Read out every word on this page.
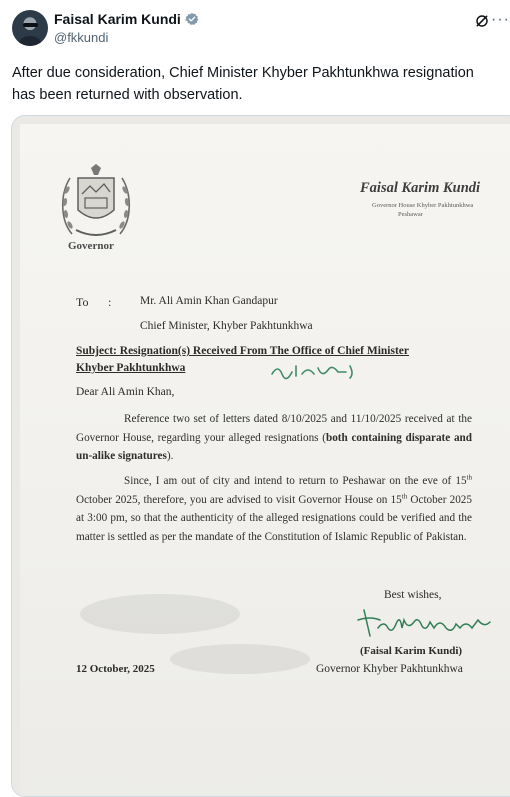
Faisal Karim Kundi
@fkkundi
···
After due consideration, Chief Minister Khyber Pakhtunkhwa resignation
has been returned with observation.
Governor
Faisal Karim Kundi
Governor House Khyber Pakhtunkhwa
Peshawar
To : Mr. Ali Amin Khan Gandapur
Chief Minister, Khyber Pakhtunkhwa
Subject: Resignation(s) Received From The Office of Chief Minister
Khyber Pakhtunkhwa
Dear Ali Amin Khan,
Reference two set of letters dated 8/10/2025 and 11/10/2025 received at the Governor House, regarding your alleged resignations (both containing disparate and un-alike signatures).
Since, I am out of city and intend to return to Peshawar on the eve of 15th October 2025, therefore, you are advised to visit Governor House on 15th October 2025 at 3:00 pm, so that the authenticity of the alleged resignations could be verified and the matter is settled as per the mandate of the Constitution of Islamic Republic of Pakistan.
Best wishes,
(Faisal Karim Kundi)
Governor Khyber Pakhtunkhwa
12 October, 2025
